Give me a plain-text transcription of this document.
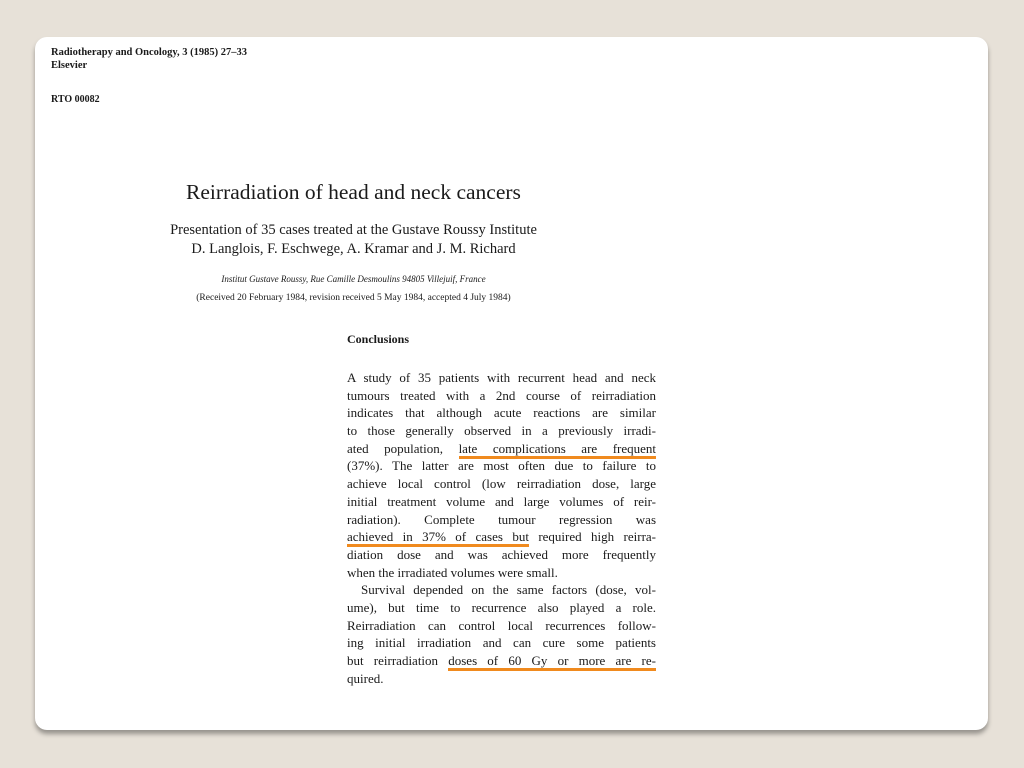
Radiotherapy and Oncology, 3 (1985) 27–33
Elsevier
RTO 00082
Reirradiation of head and neck cancers
Presentation of 35 cases treated at the Gustave Roussy Institute
D. Langlois, F. Eschwege, A. Kramar and J. M. Richard
Institut Gustave Roussy, Rue Camille Desmoulins 94805 Villejuif, France
(Received 20 February 1984, revision received 5 May 1984, accepted 4 July 1984)
Conclusions
A study of 35 patients with recurrent head and neck
tumours treated with a 2nd course of reirradiation
indicates that although acute reactions are similar
to those generally observed in a previously irradi-
ated population, late complications are frequent
(37%). The latter are most often due to failure to
achieve local control (low reirradiation dose, large
initial treatment volume and large volumes of reir-
radiation). Complete tumour regression was
achieved in 37% of cases but required high reirra-
diation dose and was achieved more frequently
when the irradiated volumes were small.
Survival depended on the same factors (dose, vol-
ume), but time to recurrence also played a role.
Reirradiation can control local recurrences follow-
ing initial irradiation and can cure some patients
but reirradiation doses of 60 Gy or more are re-
quired.
